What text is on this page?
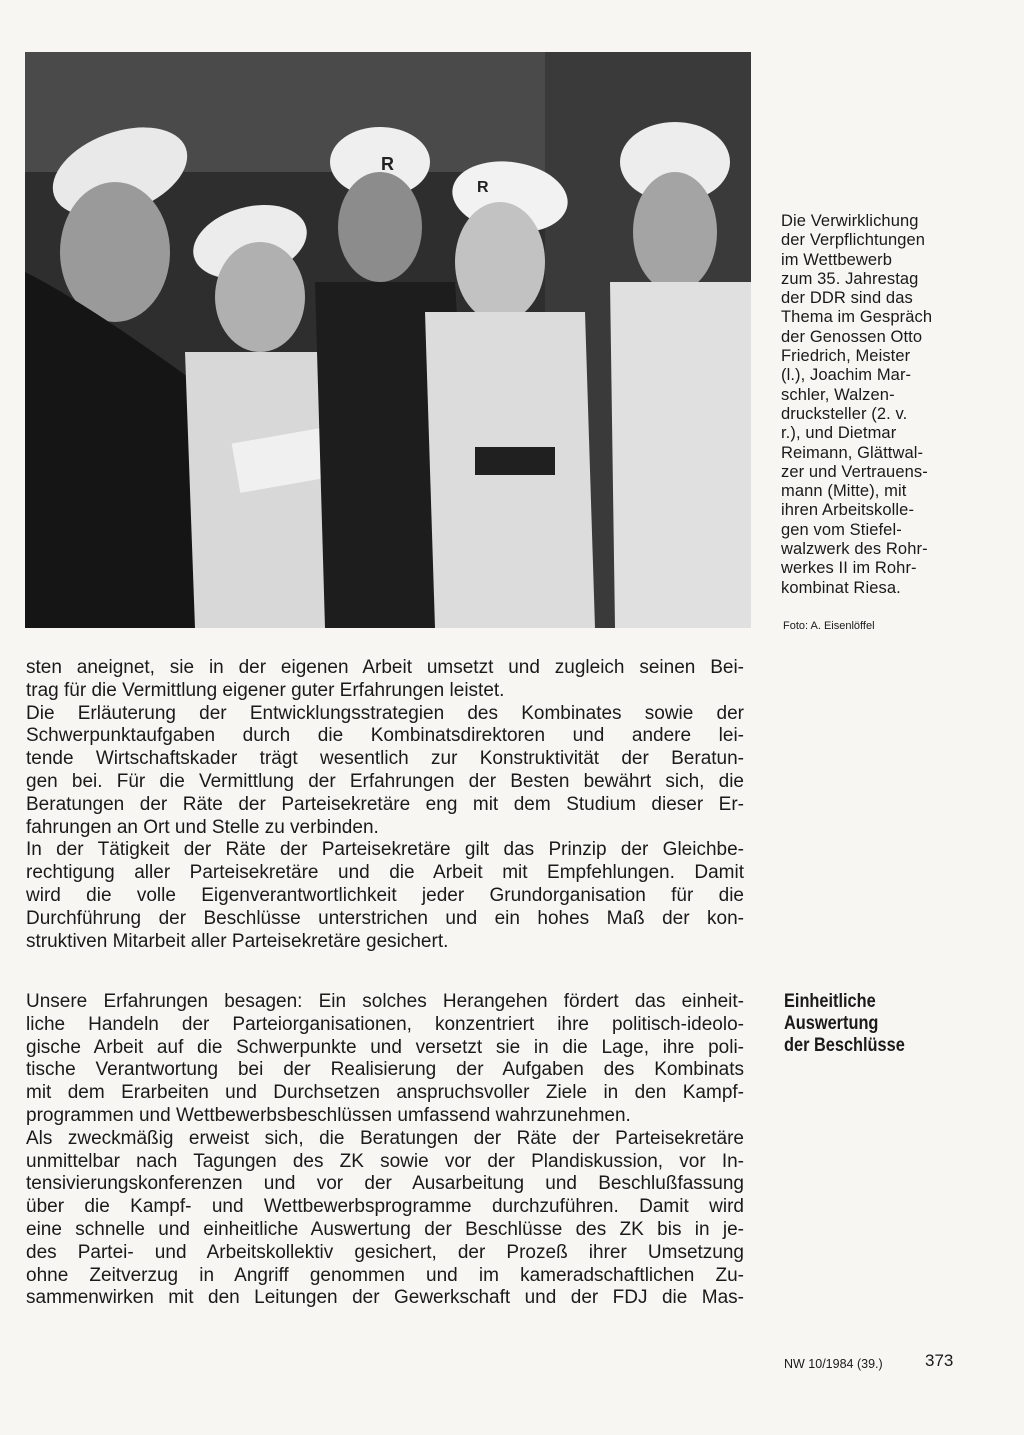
R
R
Die Verwirklichung
der Verpflichtungen
im Wettbewerb
zum 35. Jahrestag
der DDR sind das
Thema im Gespräch
der Genossen Otto
Friedrich, Meister
(l.), Joachim Mar-
schler, Walzen-
drucksteller (2. v.
r.), und Dietmar
Reimann, Glättwal-
zer und Vertrauens-
mann (Mitte), mit
ihren Arbeitskolle-
gen vom Stiefel-
walzwerk des Rohr-
werkes II im Rohr-
kombinat Riesa.
Foto: A. Eisenlöffel
sten aneignet, sie in der eigenen Arbeit umsetzt und zugleich seinen Bei-
trag für die Vermittlung eigener guter Erfahrungen leistet.
Die Erläuterung der Entwicklungsstrategien des Kombinates sowie der
Schwerpunktaufgaben durch die Kombinatsdirektoren und andere lei-
tende Wirtschaftskader trägt wesentlich zur Konstruktivität der Beratun-
gen bei. Für die Vermittlung der Erfahrungen der Besten bewährt sich, die
Beratungen der Räte der Parteisekretäre eng mit dem Studium dieser Er-
fahrungen an Ort und Stelle zu verbinden.
In der Tätigkeit der Räte der Parteisekretäre gilt das Prinzip der Gleichbe-
rechtigung aller Parteisekretäre und die Arbeit mit Empfehlungen. Damit
wird die volle Eigenverantwortlichkeit jeder Grundorganisation für die
Durchführung der Beschlüsse unterstrichen und ein hohes Maß der kon-
struktiven Mitarbeit aller Parteisekretäre gesichert.
Unsere Erfahrungen besagen: Ein solches Herangehen fördert das einheit-
liche Handeln der Parteiorganisationen, konzentriert ihre politisch-ideolo-
gische Arbeit auf die Schwerpunkte und versetzt sie in die Lage, ihre poli-
tische Verantwortung bei der Realisierung der Aufgaben des Kombinats
mit dem Erarbeiten und Durchsetzen anspruchsvoller Ziele in den Kampf-
programmen und Wettbewerbsbeschlüssen umfassend wahrzunehmen.
Als zweckmäßig erweist sich, die Beratungen der Räte der Parteisekretäre
unmittelbar nach Tagungen des ZK sowie vor der Plandiskussion, vor In-
tensivierungskonferenzen und vor der Ausarbeitung und Beschlußfassung
über die Kampf- und Wettbewerbsprogramme durchzuführen. Damit wird
eine schnelle und einheitliche Auswertung der Beschlüsse des ZK bis in je-
des Partei- und Arbeitskollektiv gesichert, der Prozeß ihrer Umsetzung
ohne Zeitverzug in Angriff genommen und im kameradschaftlichen Zu-
sammenwirken mit den Leitungen der Gewerkschaft und der FDJ die Mas-
Einheitliche
Auswertung
der Beschlüsse
NW 10/1984 (39.) 373
